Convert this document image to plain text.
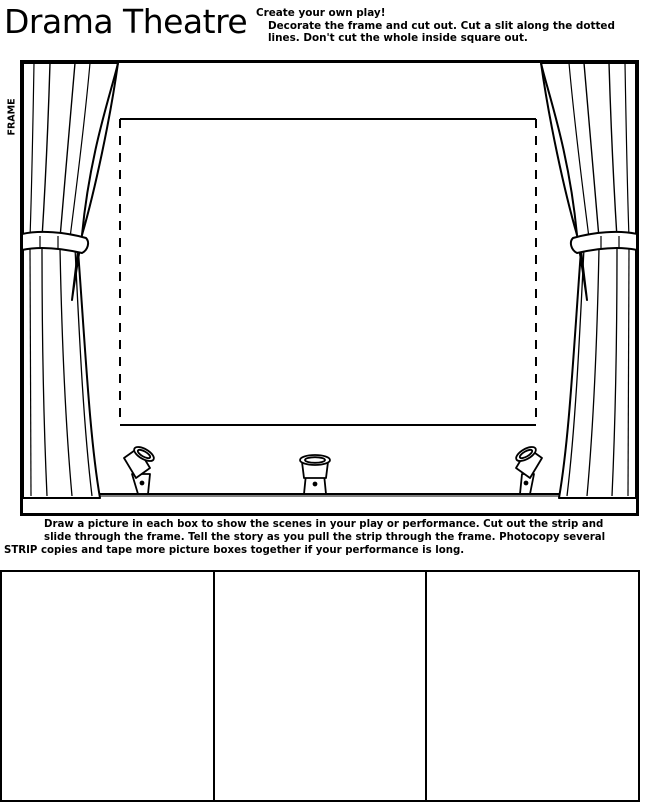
Drama Theatre Create your own play!
Decorate the frame and cut out. Cut a slit along the dotted lines. Don't cut the whole inside square out.
FRAME
Draw a picture in each box to show the scenes in your play or performance. Cut out the strip and
slide through the frame. Tell the story as you pull the strip through the frame. Photocopy several
STRIP copies and tape more picture boxes together if your performance is long.
